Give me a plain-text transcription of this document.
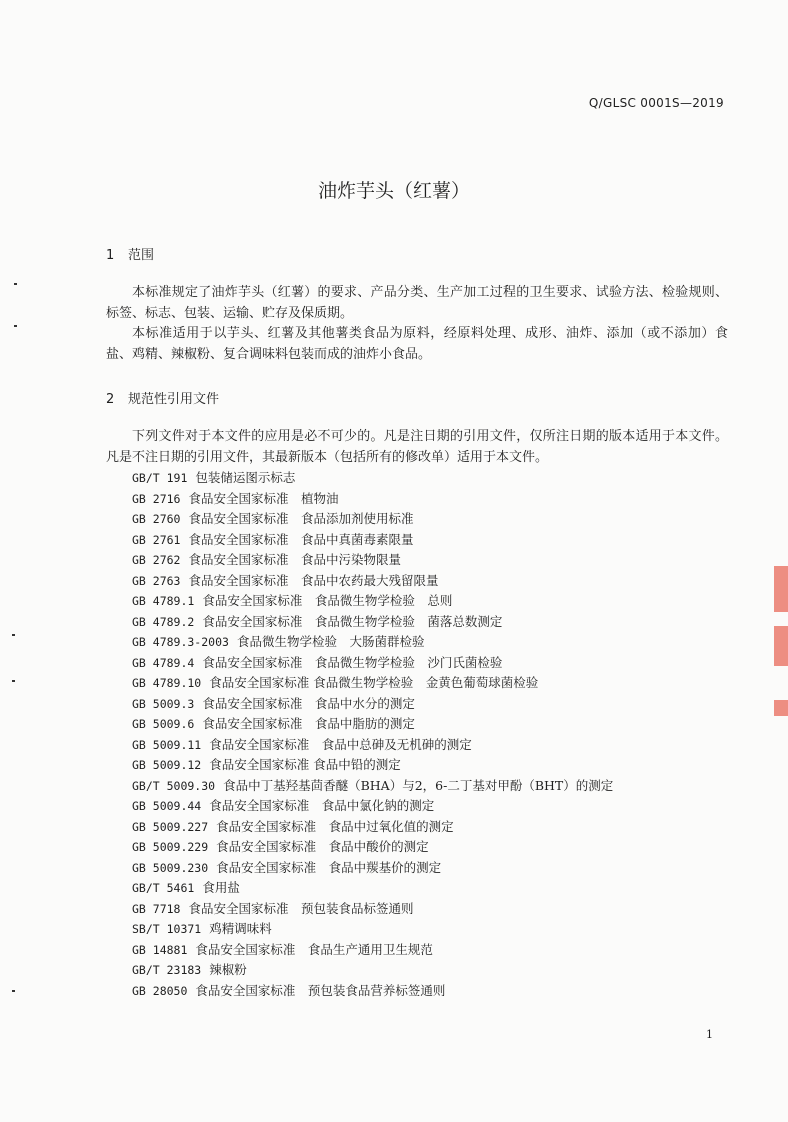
Q/GLSC 0001S—2019
油炸芋头（红薯）
1 范围

本标准规定了油炸芋头（红薯）的要求、产品分类、生产加工过程的卫生要求、试验方法、检验规则、标签、标志、包装、运输、贮存及保质期。

本标准适用于以芋头、红薯及其他薯类食品为原料，经原料处理、成形、油炸、添加（或不添加）食盐、鸡精、辣椒粉、复合调味料包装而成的油炸小食品。

2 规范性引用文件

下列文件对于本文件的应用是必不可少的。凡是注日期的引用文件，仅所注日期的版本适用于本文件。凡是不注日期的引用文件，其最新版本（包括所有的修改单）适用于本文件。

GB/T 191 包装储运图示标志
GB 2716 食品安全国家标准　植物油
GB 2760 食品安全国家标准　食品添加剂使用标准
GB 2761 食品安全国家标准　食品中真菌毒素限量
GB 2762 食品安全国家标准　食品中污染物限量
GB 2763 食品安全国家标准　食品中农药最大残留限量
GB 4789.1 食品安全国家标准　食品微生物学检验　总则
GB 4789.2 食品安全国家标准　食品微生物学检验　菌落总数测定
GB 4789.3-2003 食品微生物学检验　大肠菌群检验
GB 4789.4 食品安全国家标准　食品微生物学检验　沙门氏菌检验
GB 4789.10 食品安全国家标准 食品微生物学检验　金黄色葡萄球菌检验
GB 5009.3 食品安全国家标准　食品中水分的测定
GB 5009.6 食品安全国家标准　食品中脂肪的测定
GB 5009.11 食品安全国家标准　食品中总砷及无机砷的测定
GB 5009.12 食品安全国家标准 食品中铅的测定
GB/T 5009.30 食品中丁基羟基茴香醚（BHA）与2，6-二丁基对甲酚（BHT）的测定
GB 5009.44 食品安全国家标准　食品中氯化钠的测定
GB 5009.227 食品安全国家标准　食品中过氧化值的测定
GB 5009.229 食品安全国家标准　食品中酸价的测定
GB 5009.230 食品安全国家标准　食品中羰基价的测定
GB/T 5461 食用盐
GB 7718 食品安全国家标准　预包装食品标签通则
SB/T 10371 鸡精调味料
GB 14881 食品安全国家标准　食品生产通用卫生规范
GB/T 23183 辣椒粉
GB 28050 食品安全国家标准　预包装食品营养标签通则
1
